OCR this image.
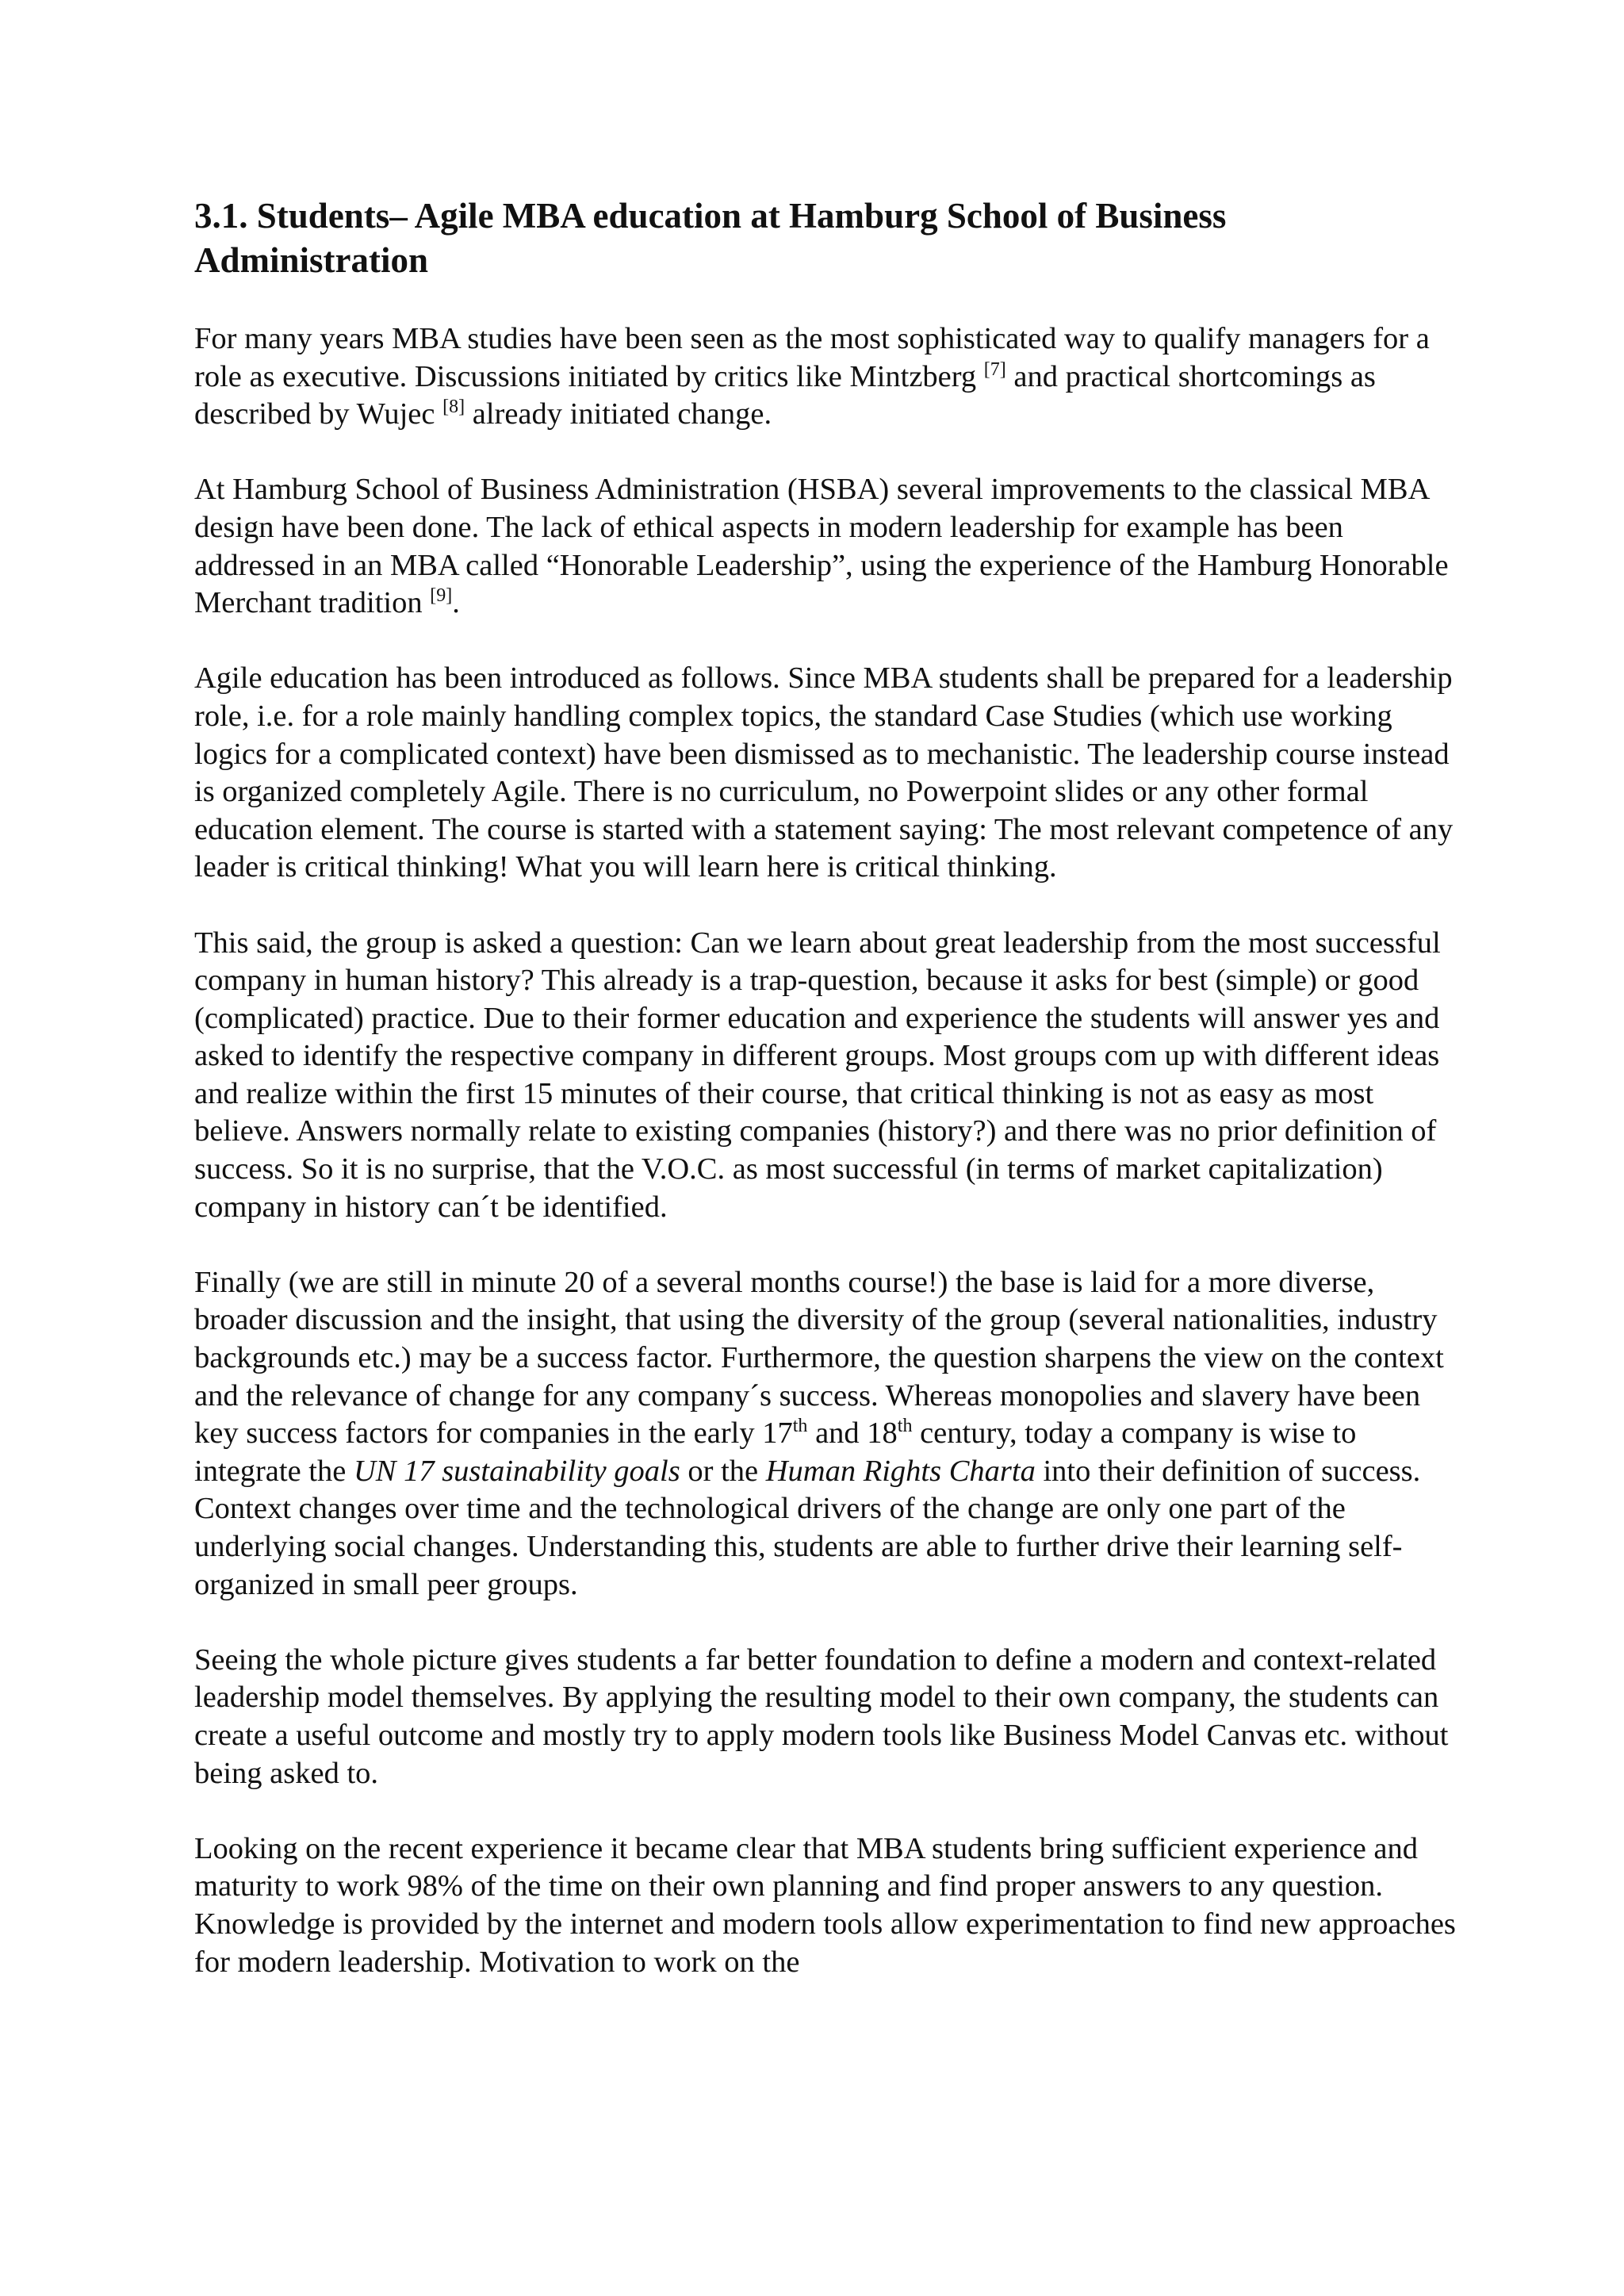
3.1. Students– Agile MBA education at Hamburg School of Business Administration

For many years MBA studies have been seen as the most sophisticated way to qualify managers for a role as executive. Discussions initiated by critics like Mintzberg [7] and practical shortcomings as described by Wujec [8] already initiated change.

At Hamburg School of Business Administration (HSBA) several improvements to the classical MBA design have been done. The lack of ethical aspects in modern leadership for example has been addressed in an MBA called “Honorable Leadership”, using the experience of the Hamburg Honorable Merchant tradition [9].

Agile education has been introduced as follows. Since MBA students shall be prepared for a leadership role, i.e. for a role mainly handling complex topics, the standard Case Studies (which use working logics for a complicated context) have been dismissed as to mechanistic. The leadership course instead is organized completely Agile. There is no curriculum, no Powerpoint slides or any other formal education element. The course is started with a statement saying: The most relevant competence of any leader is critical thinking! What you will learn here is critical thinking.

This said, the group is asked a question: Can we learn about great leadership from the most successful company in human history? This already is a trap-question, because it asks for best (simple) or good (complicated) practice. Due to their former education and experience the students will answer yes and asked to identify the respective company in different groups. Most groups com up with different ideas and realize within the first 15 minutes of their course, that critical thinking is not as easy as most believe. Answers normally relate to existing companies (history?) and there was no prior definition of success. So it is no surprise, that the V.O.C. as most successful (in terms of market capitalization) company in history can´t be identified.

Finally (we are still in minute 20 of a several months course!) the base is laid for a more diverse, broader discussion and the insight, that using the diversity of the group (several nationalities, industry backgrounds etc.) may be a success factor. Furthermore, the question sharpens the view on the context and the relevance of change for any company´s success. Whereas monopolies and slavery have been key success factors for companies in the early 17th and 18th century, today a company is wise to integrate the UN 17 sustainability goals or the Human Rights Charta into their definition of success. Context changes over time and the technological drivers of the change are only one part of the underlying social changes. Understanding this, students are able to further drive their learning self-organized in small peer groups.

Seeing the whole picture gives students a far better foundation to define a modern and context-related leadership model themselves. By applying the resulting model to their own company, the students can create a useful outcome and mostly try to apply modern tools like Business Model Canvas etc. without being asked to.

Looking on the recent experience it became clear that MBA students bring sufficient experience and maturity to work 98% of the time on their own planning and find proper answers to any question. Knowledge is provided by the internet and modern tools allow experimentation to find new approaches for modern leadership. Motivation to work on the
